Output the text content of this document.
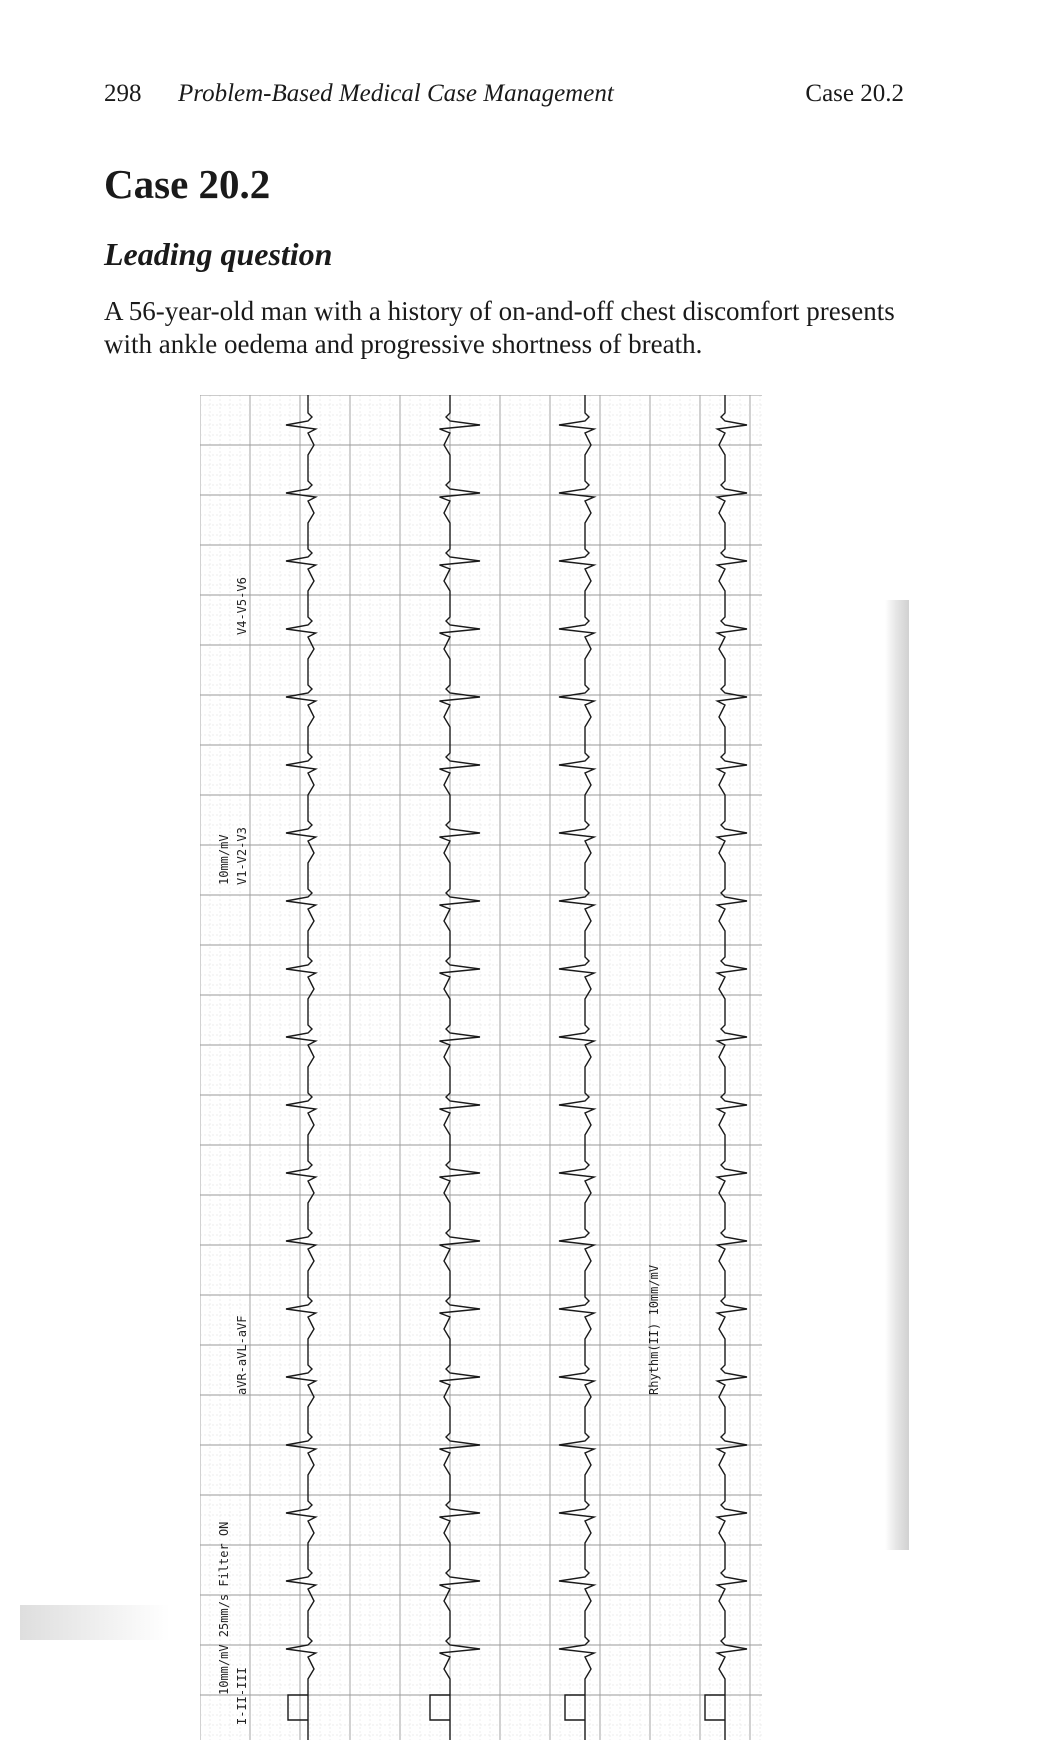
298 Problem-Based Medical Case Management	Case 20.2
Case 20.2
Leading question

A 56-year-old man with a history of on-and-off chest discomfort presents with ankle oedema and progressive shortness of breath.

10mm/mV 25mm/s Filter ON
I-II-III
aVR-aVL-aVF
10mm/mV V1-V2-V3
V4-V5-V6
Rhythm(II) 10mm/mV
